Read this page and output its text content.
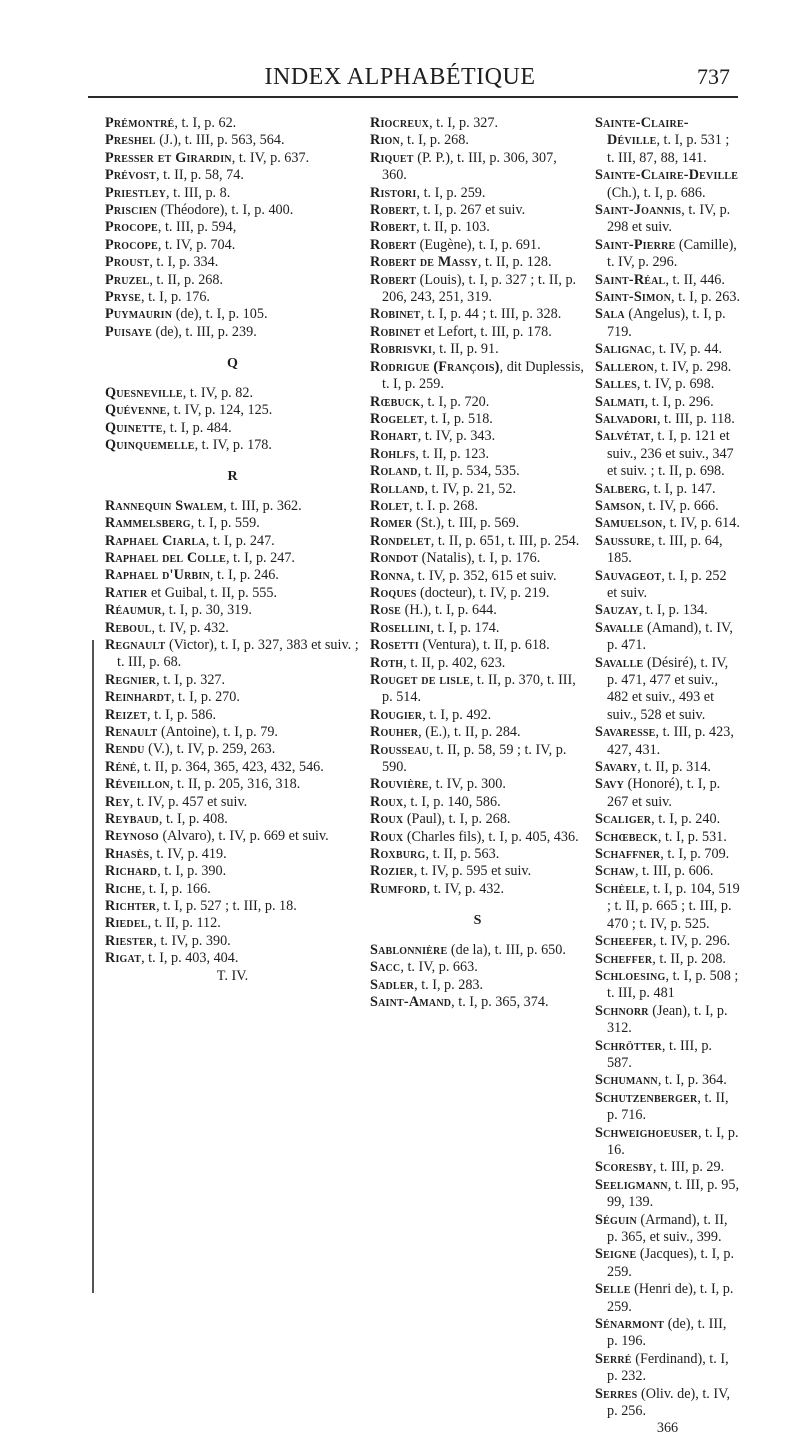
INDEX ALPHABÉTIQUE	737

Prémontré, t. I, p. 62.

Preshel (J.), t. III, p. 563, 564.

Presser et Girardin, t. IV, p. 637.

Prévost, t. II, p. 58, 74.

Priestley, t. III, p. 8.

Priscien (Théodore), t. I, p. 400.

Procope, t. III, p. 594,

Procope, t. IV, p. 704.

Proust, t. I, p. 334.

Pruzel, t. II, p. 268.

Pryse, t. I, p. 176.

Puymaurin (de), t. I, p. 105.

Puisaye (de), t. III, p. 239.

Q

Quesneville, t. IV, p. 82.

Quévenne, t. IV, p. 124, 125.

Quinette, t. I, p. 484.

Quinquemelle, t. IV, p. 178.

R

Rannequin Swalem, t. III, p. 362.

Rammelsberg, t. I, p. 559.

Raphael Ciarla, t. I, p. 247.

Raphael del Colle, t. I, p. 247.

Raphael d'Urbin, t. I, p. 246.

Ratier et Guibal, t. II, p. 555.

Réaumur, t. I, p. 30, 319.

Reboul, t. IV, p. 432.

Regnault (Victor), t. I, p. 327, 383 et suiv. ; t. III, p. 68.

Regnier, t. I, p. 327.

Reinhardt, t. I, p. 270.

Reizet, t. I, p. 586.

Renault (Antoine), t. I, p. 79.

Rendu (V.), t. IV, p. 259, 263.

Réné, t. II, p. 364, 365, 423, 432, 546.

Réveillon, t. II, p. 205, 316, 318.

Rey, t. IV, p. 457 et suiv.

Reybaud, t. I, p. 408.

Reynoso (Alvaro), t. IV, p. 669 et suiv.

Rhasès, t. IV, p. 419.

Richard, t. I, p. 390.

Riche, t. I, p. 166.

Richter, t. I, p. 527 ; t. III, p. 18.

Riedel, t. II, p. 112.

Riester, t. IV, p. 390.

Rigat, t. I, p. 403, 404.

T. IV.

Riocreux, t. I, p. 327.

Rion, t. I, p. 268.

Riquet (P. P.), t. III, p. 306, 307, 360.

Ristori, t. I, p. 259.

Robert, t. I, p. 267 et suiv.

Robert, t. II, p. 103.

Robert (Eugène), t. I, p. 691.

Robert de Massy, t. II, p. 128.

Robert (Louis), t. I, p. 327 ; t. II, p. 206, 243, 251, 319.

Robinet, t. I, p. 44 ; t. III, p. 328.

Robinet et Lefort, t. III, p. 178.

Robrisvki, t. II, p. 91.

Rodrigue (François), dit Duplessis, t. I, p. 259.

Rœbuck, t. I, p. 720.

Rogelet, t. I, p. 518.

Rohart, t. IV, p. 343.

Rohlfs, t. II, p. 123.

Roland, t. II, p. 534, 535.

Rolland, t. IV, p. 21, 52.

Rolet, t. I. p. 268.

Romer (St.), t. III, p. 569.

Rondelet, t. II, p. 651, t. III, p. 254.

Rondot (Natalis), t. I, p. 176.

Ronna, t. IV, p. 352, 615 et suiv.

Roques (docteur), t. IV, p. 219.

Rose (H.), t. I, p. 644.

Rosellini, t. I, p. 174.

Rosetti (Ventura), t. II, p. 618.

Roth, t. II, p. 402, 623.

Rouget de lisle, t. II, p. 370, t. III, p. 514.

Rougier, t. I, p. 492.

Rouher, (E.), t. II, p. 284.

Rousseau, t. II, p. 58, 59 ; t. IV, p. 590.

Rouvière, t. IV, p. 300.

Roux, t. I, p. 140, 586.

Roux (Paul), t. I, p. 268.

Roux (Charles fils), t. I, p. 405, 436.

Roxburg, t. II, p. 563.

Rozier, t. IV, p. 595 et suiv.

Rumford, t. IV, p. 432.

S

Sablonnière (de la), t. III, p. 650.

Sacc, t. IV, p. 663.

Sadler, t. I, p. 283.

Saint-Amand, t. I, p. 365, 374.

Sainte-Claire-Déville, t. I, p. 531 ; t. III, 87, 88, 141.

Sainte-Claire-Deville (Ch.), t. I, p. 686.

Saint-Joannis, t. IV, p. 298 et suiv.

Saint-Pierre (Camille), t. IV, p. 296.

Saint-Réal, t. II, 446.

Saint-Simon, t. I, p. 263.

Sala (Angelus), t. I, p. 719.

Salignac, t. IV, p. 44.

Salleron, t. IV, p. 298.

Salles, t. IV, p. 698.

Salmati, t. I, p. 296.

Salvadori, t. III, p. 118.

Salvétat, t. I, p. 121 et suiv., 236 et suiv., 347 et suiv. ; t. II, p. 698.

Salberg, t. I, p. 147.

Samson, t. IV, p. 666.

Samuelson, t. IV, p. 614.

Saussure, t. III, p. 64, 185.

Sauvageot, t. I, p. 252 et suiv.

Sauzay, t. I, p. 134.

Savalle (Amand), t. IV, p. 471.

Savalle (Désiré), t. IV, p. 471, 477 et suiv., 482 et suiv., 493 et suiv., 528 et suiv.

Savaresse, t. III, p. 423, 427, 431.

Savary, t. II, p. 314.

Savy (Honoré), t. I, p. 267 et suiv.

Scaliger, t. I, p. 240.

Schœbeck, t. I, p. 531.

Schaffner, t. I, p. 709.

Schaw, t. III, p. 606.

Schèele, t. I, p. 104, 519 ; t. II, p. 665 ; t. III, p. 470 ; t. IV, p. 525.

Scheefer, t. IV, p. 296.

Scheffer, t. II, p. 208.

Schloesing, t. I, p. 508 ; t. III, p. 481

Schnorr (Jean), t. I, p. 312.

Schrötter, t. III, p. 587.

Schumann, t. I, p. 364.

Schutzenberger, t. II, p. 716.

Schweighoeuser, t. I, p. 16.

Scoresby, t. III, p. 29.

Seeligmann, t. III, p. 95, 99, 139.

Séguin (Armand), t. II, p. 365, et suiv., 399.

Seigne (Jacques), t. I, p. 259.

Selle (Henri de), t. I, p. 259.

Sénarmont (de), t. III, p. 196.

Serré (Ferdinand), t. I, p. 232.

Serres (Oliv. de), t. IV, p. 256.

366
